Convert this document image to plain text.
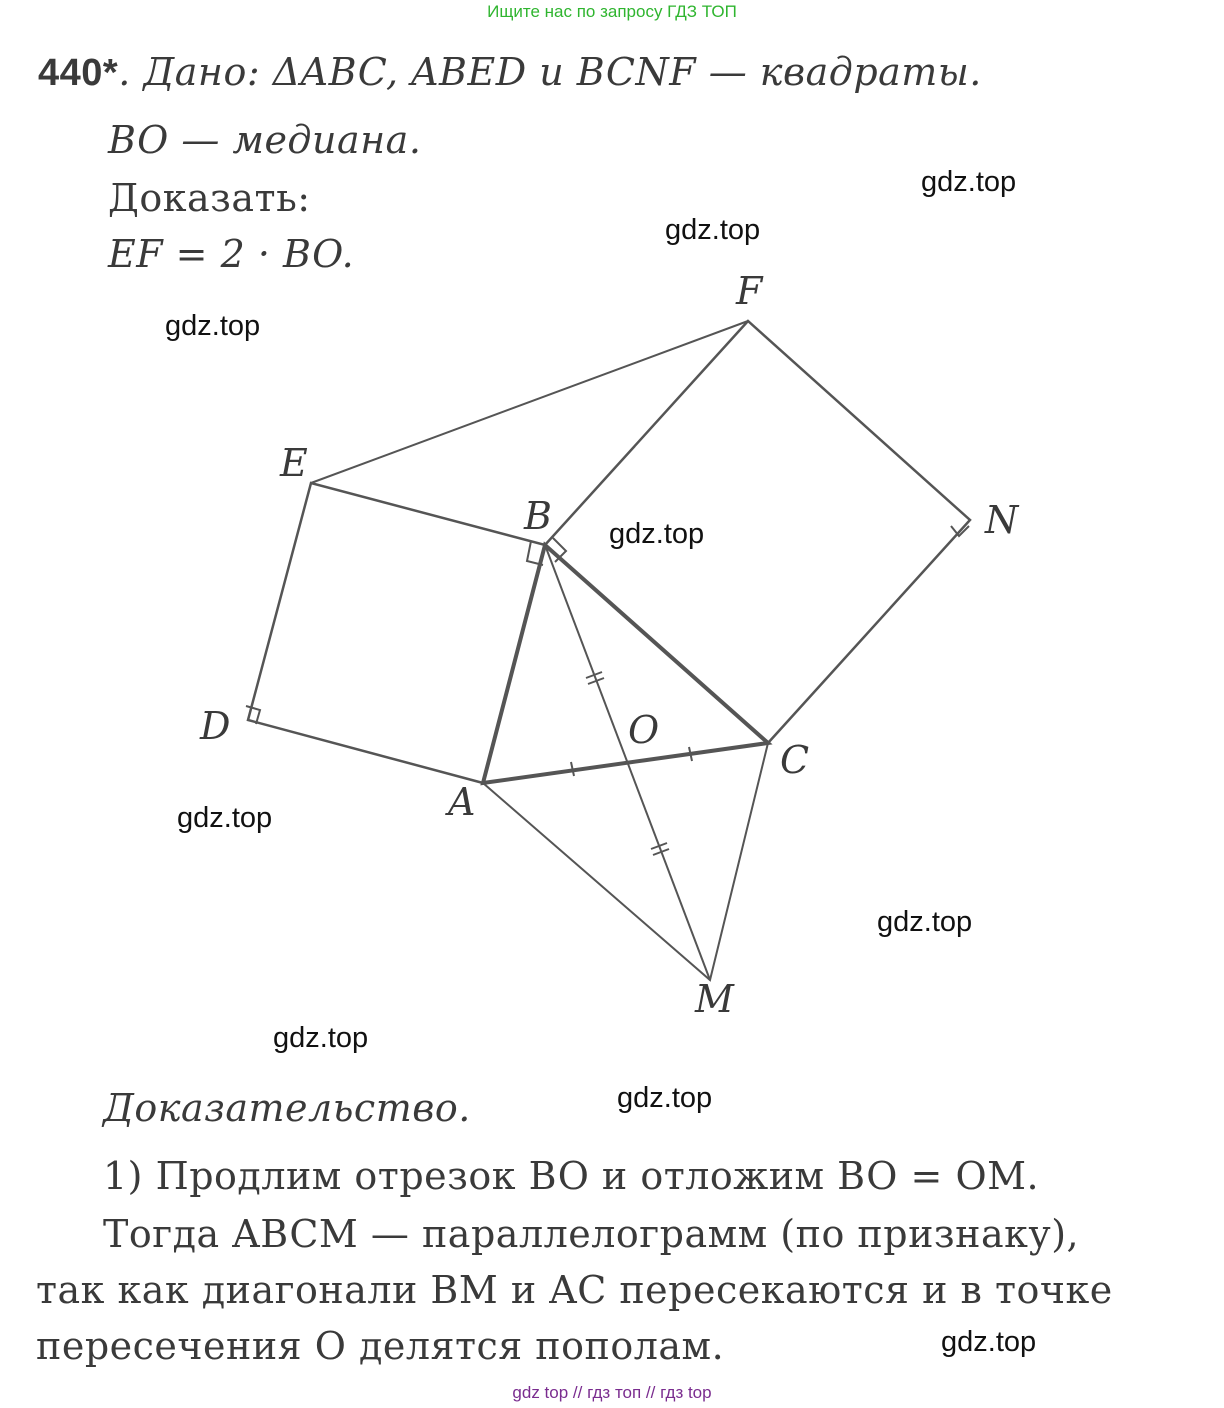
Ищите нас по запросу ГДЗ ТОП
440*. Дано: ΔABC, ABED и BCNF — квадраты.
BO — медиана.
Доказать:
EF = 2 · BO.
F
E
B	N
D	O
C
A
M
gdz.top
gdz.top
gdz.top
gdz.top
gdz.top
gdz.top
gdz.top
gdz.top
gdz.top
Доказательство.
1) Продлим отрезок BO и отложим BO = OM.
Тогда ABCM — параллелограмм (по признаку),
так как диагонали BM и AC пересекаются и в точке
пересечения O делятся пополам.
gdz top // гдз топ // гдз top
